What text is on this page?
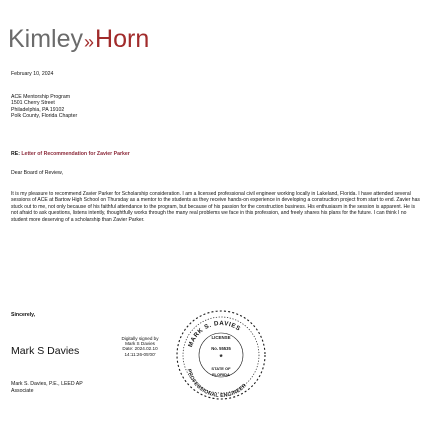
Kimley»Horn
February 10, 2024
ACE Mentorship Program
1501 Cherry Street
Philadelphia, PA 19102
Polk County, Florida Chapter
RE: Letter of Recommendation for Zavier Parker
Dear Board of Review,
It is my pleasure to recommend Zavier Parker for Scholarship consideration. I am a licensed professional civil engineer working locally in Lakeland, Florida. I have attended several sessions of ACE at Bartow High School on Thursday as a mentor to the students as they receive hands-on experience in developing a construction project from start to end. Zavier has stuck out to me, not only because of his faithful attendance to the program, but because of his passion for the construction business. His enthusiasm in the session is apparent. He is not afraid to ask questions, listens intently, thoughtfully works through the many real problems we face in this profession, and freely shares his plans for the future. I can think I no student more deserving of a scholarship than Zavier Parker.
Sincerely,
Mark S Davies
Digitally signed by
Mark S Davies
Date: 2024.02.10
14:11:26-05'00'
Mark S. Davies, P.E., LEED AP
Associate
MARK S. DAVIES
LICENSE
No. 55535
*
STATE OF
FLORIDA
PROFESSIONAL ENGINEER
